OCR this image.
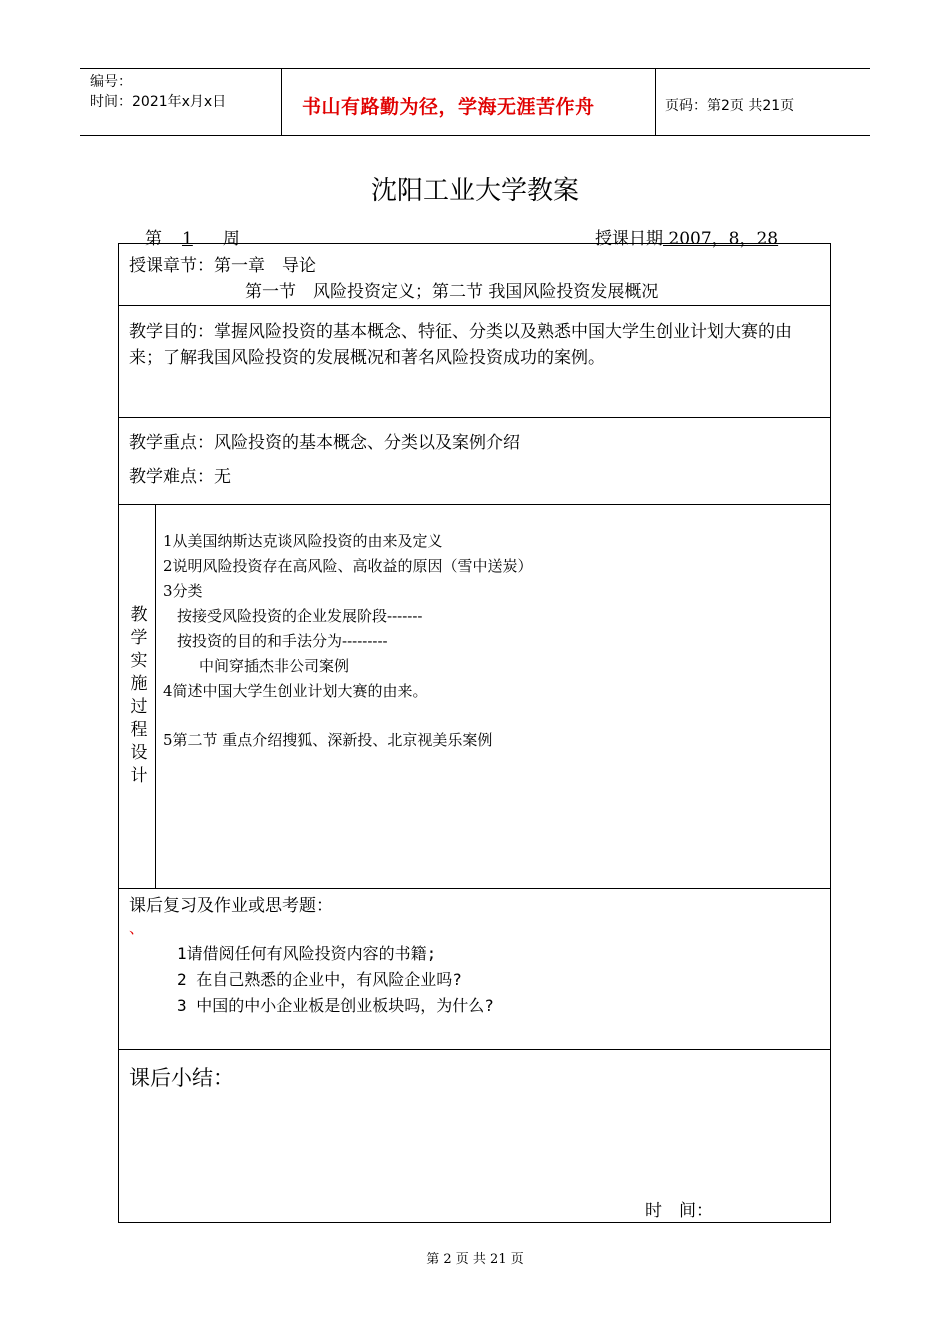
编号：
时间：2021年x月x日	书山有路勤为径，学海无涯苦作舟	页码：第2页 共21页
沈阳工业大学教案
第 1 周	授课日期 2007，8，28
授课章节：第一章　导论
第一节　风险投资定义；第二节 我国风险投资发展概况
教学目的：掌握风险投资的基本概念、特征、分类以及熟悉中国大学生创业计划大赛的由来；了解我国风险投资的发展概况和著名风险投资成功的案例。
教学重点：风险投资的基本概念、分类以及案例介绍
教学难点：无
教学实施过程设计
1从美国纳斯达克谈风险投资的由来及定义
2说明风险投资存在高风险、高收益的原因（雪中送炭）
3分类
按接受风险投资的企业发展阶段-------
按投资的目的和手法分为---------
中间穿插杰非公司案例
4简述中国大学生创业计划大赛的由来。
5第二节 重点介绍搜狐、深新投、北京视美乐案例
课后复习及作业或思考题：
、
1请借阅任何有风险投资内容的书籍;
2 在自己熟悉的企业中，有风险企业吗?
3 中国的中小企业板是创业板块吗，为什么?
课后小结：
时　间：
第 2 页 共 21 页
